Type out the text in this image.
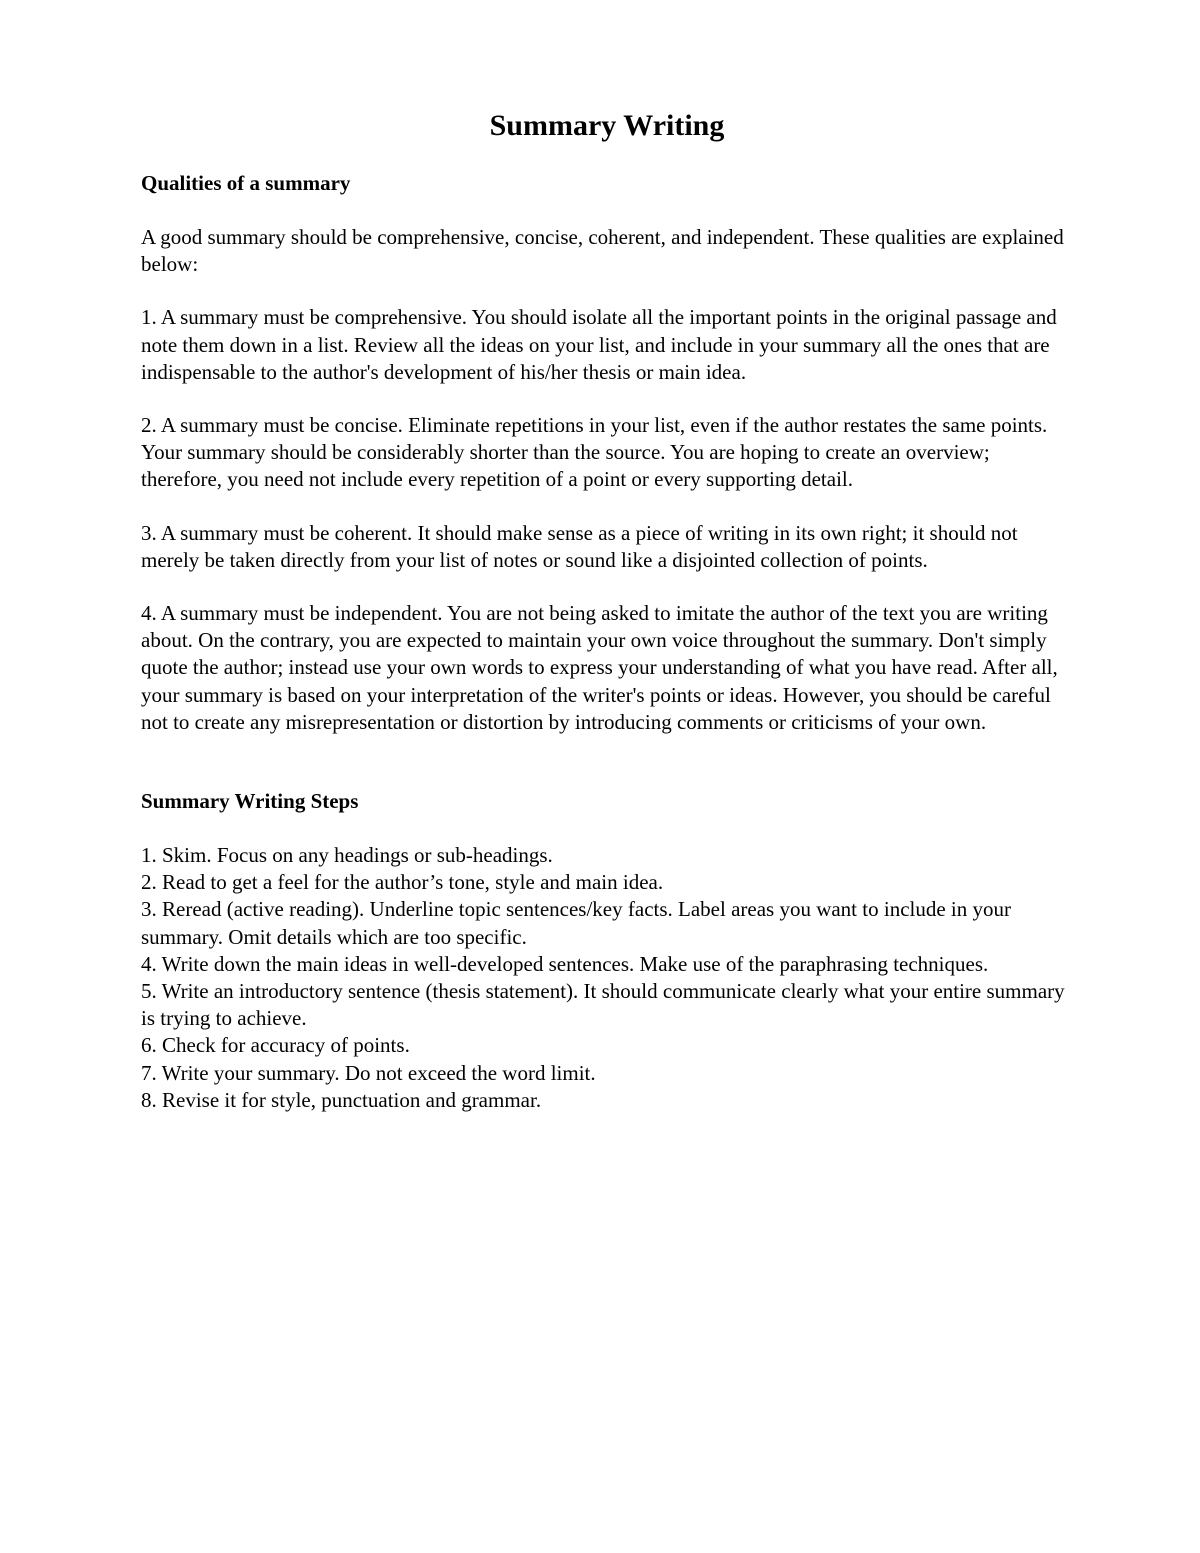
Summary Writing
Qualities of a summary

A good summary should be comprehensive, concise, coherent, and independent. These qualities are explained below:

1. A summary must be comprehensive. You should isolate all the important points in the original passage and note them down in a list. Review all the ideas on your list, and include in your summary all the ones that are indispensable to the author's development of his/her thesis or main idea.

2. A summary must be concise. Eliminate repetitions in your list, even if the author restates the same points. Your summary should be considerably shorter than the source. You are hoping to create an overview; therefore, you need not include every repetition of a point or every supporting detail.

3. A summary must be coherent. It should make sense as a piece of writing in its own right; it should not merely be taken directly from your list of notes or sound like a disjointed collection of points.

4. A summary must be independent. You are not being asked to imitate the author of the text you are writing about. On the contrary, you are expected to maintain your own voice throughout the summary. Don't simply quote the author; instead use your own words to express your understanding of what you have read. After all, your summary is based on your interpretation of the writer's points or ideas. However, you should be careful not to create any misrepresentation or distortion by introducing comments or criticisms of your own.

Summary Writing Steps
1. Skim. Focus on any headings or sub-headings.
2. Read to get a feel for the author’s tone, style and main idea.
3. Reread (active reading). Underline topic sentences/key facts. Label areas you want to include in your summary. Omit details which are too specific.
4. Write down the main ideas in well-developed sentences. Make use of the paraphrasing techniques.
5. Write an introductory sentence (thesis statement). It should communicate clearly what your entire summary is trying to achieve.
6. Check for accuracy of points.
7. Write your summary. Do not exceed the word limit.
8. Revise it for style, punctuation and grammar.
